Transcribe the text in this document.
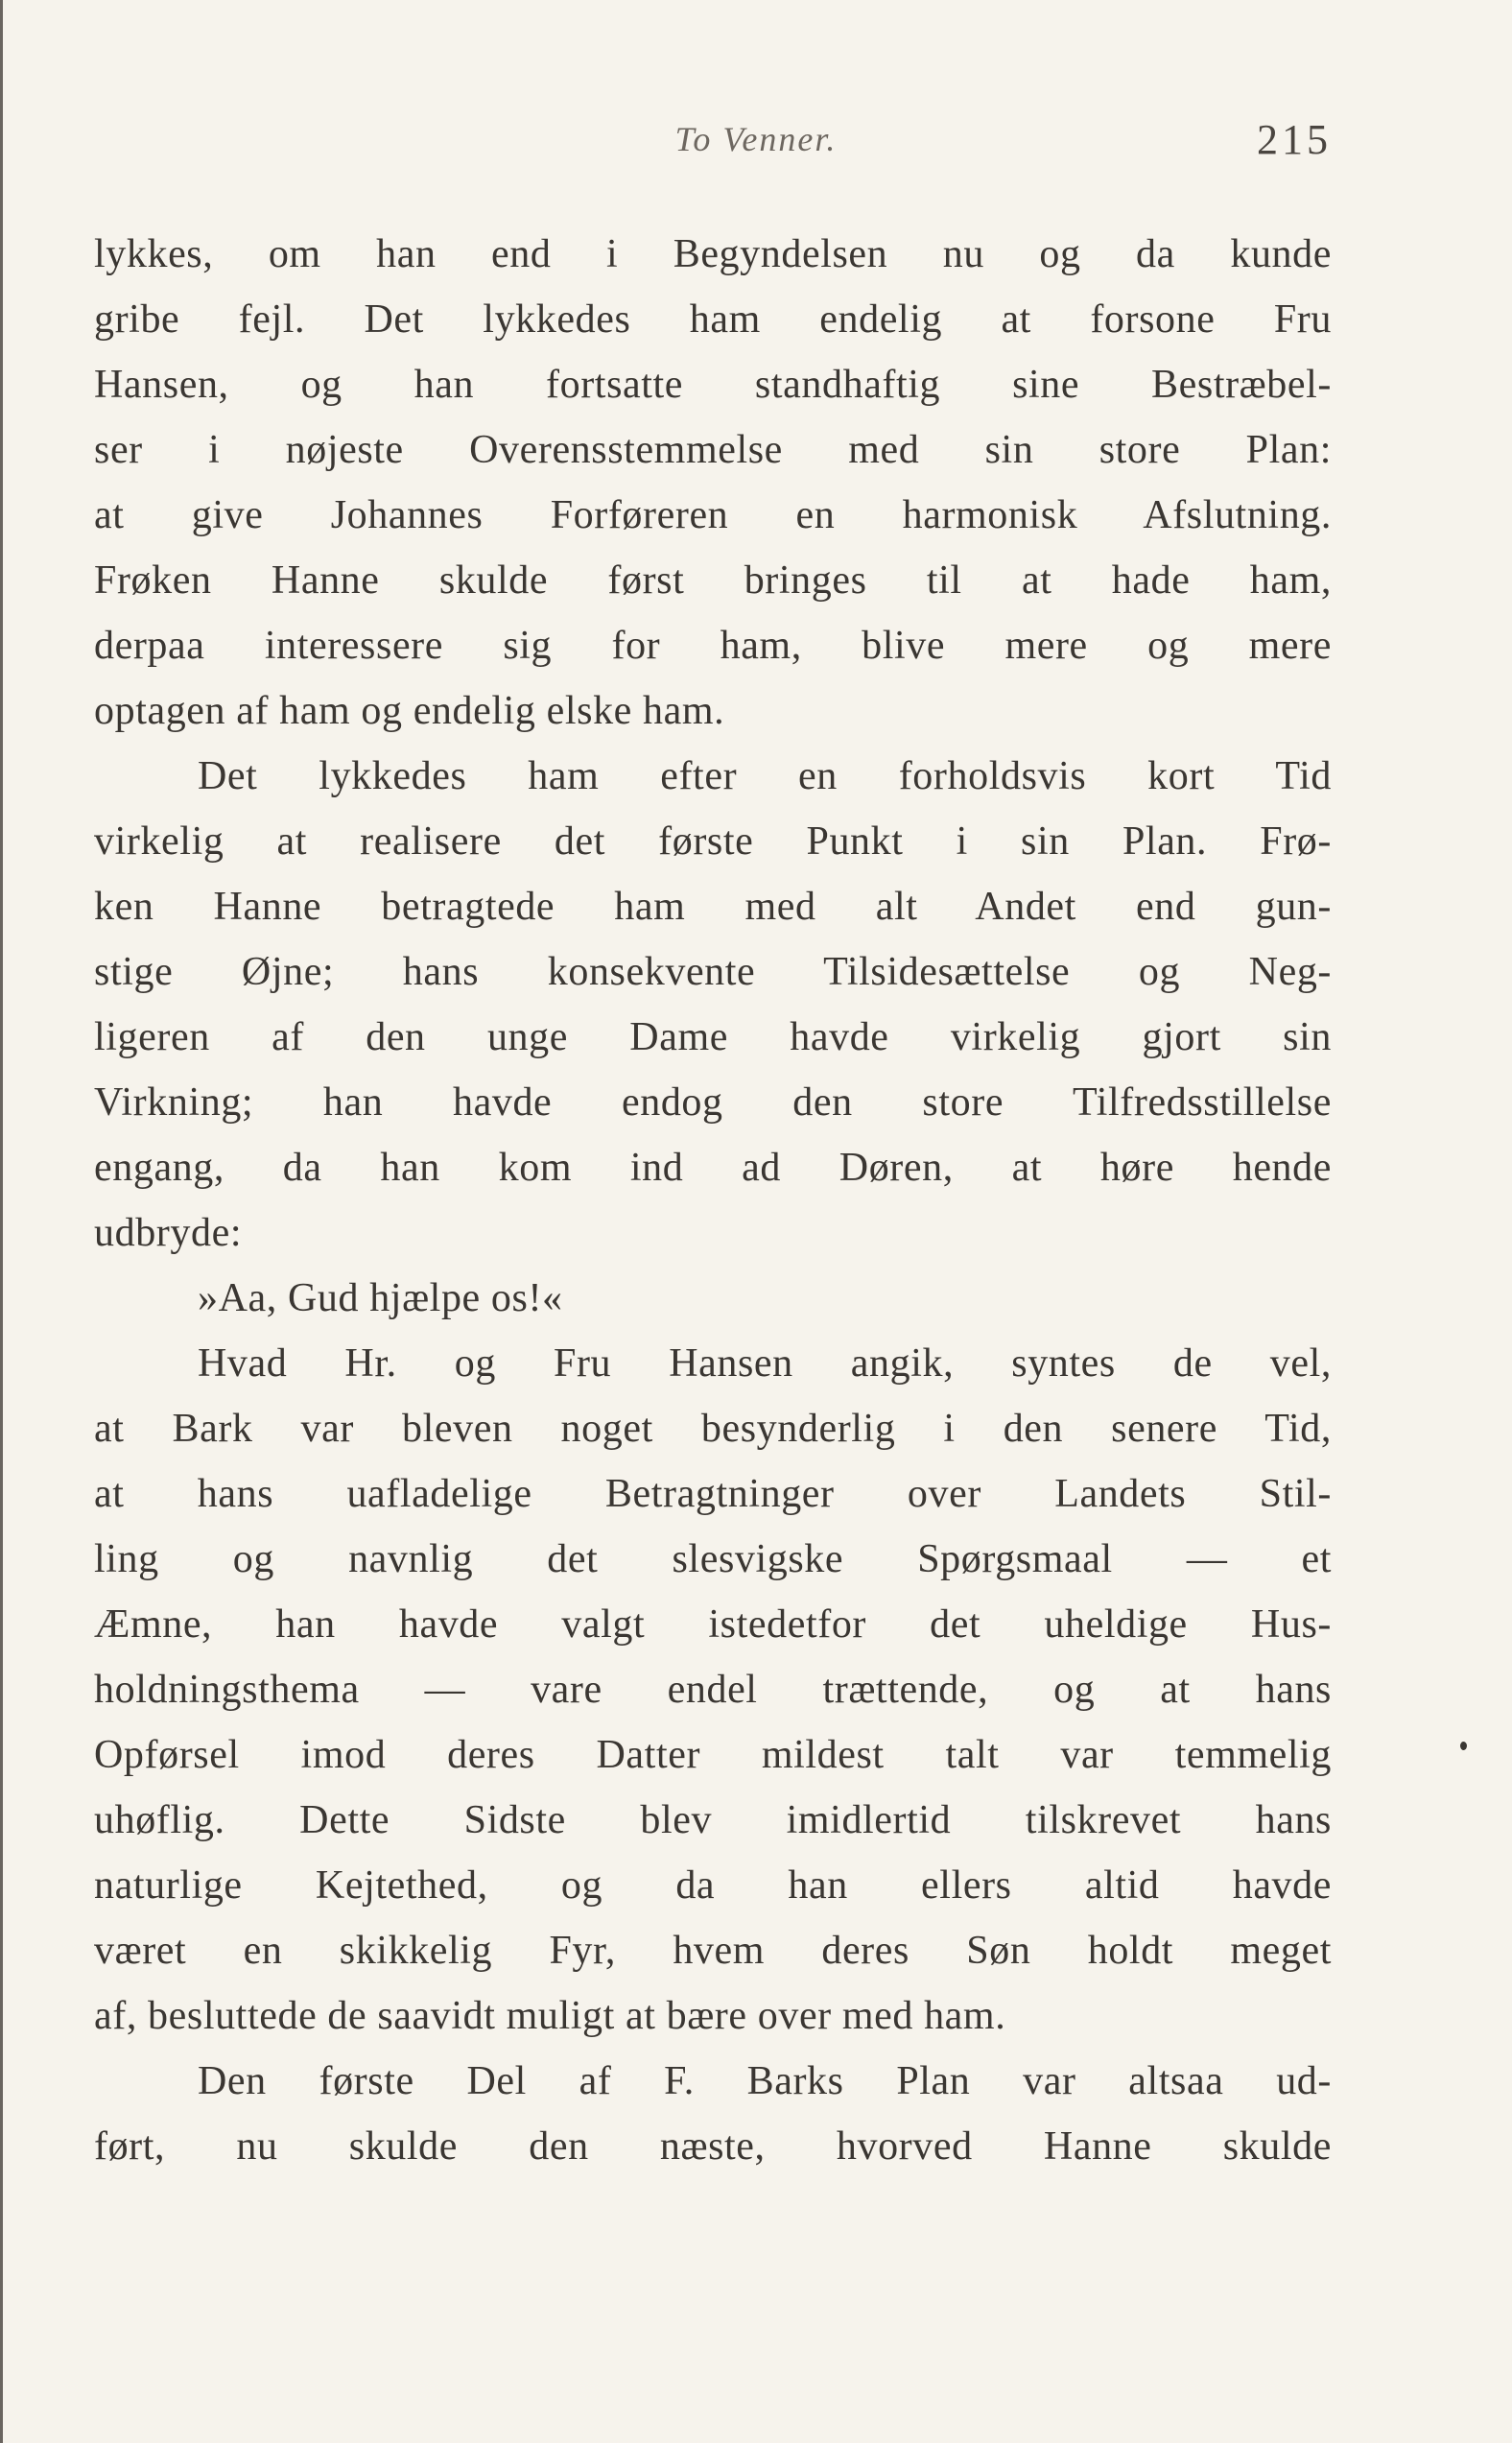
To Venner.	215
lykkes, om han end i Begyndelsen nu og da kunde
gribe fejl. Det lykkedes ham endelig at forsone Fru
Hansen, og han fortsatte standhaftig sine Bestræbel-
ser i nøjeste Overensstemmelse med sin store Plan:
at give Johannes Forføreren en harmonisk Afslutning.
Frøken Hanne skulde først bringes til at hade ham,
derpaa interessere sig for ham, blive mere og mere
optagen af ham og endelig elske ham.
Det lykkedes ham efter en forholdsvis kort Tid
virkelig at realisere det første Punkt i sin Plan. Frø-
ken Hanne betragtede ham med alt Andet end gun-
stige Øjne; hans konsekvente Tilsidesættelse og Neg-
ligeren af den unge Dame havde virkelig gjort sin
Virkning; han havde endog den store Tilfredsstillelse
engang, da han kom ind ad Døren, at høre hende
udbryde:
»Aa, Gud hjælpe os!«
Hvad Hr. og Fru Hansen angik, syntes de vel,
at Bark var bleven noget besynderlig i den senere Tid,
at hans uafladelige Betragtninger over Landets Stil-
ling og navnlig det slesvigske Spørgsmaal — et
Æmne, han havde valgt istedetfor det uheldige Hus-
holdningsthema — vare endel trættende, og at hans
Opførsel imod deres Datter mildest talt var temmelig
uhøflig. Dette Sidste blev imidlertid tilskrevet hans
naturlige Kejtethed, og da han ellers altid havde
været en skikkelig Fyr, hvem deres Søn holdt meget
af, besluttede de saavidt muligt at bære over med ham.
Den første Del af F. Barks Plan var altsaa ud-
ført, nu skulde den næste, hvorved Hanne skulde
